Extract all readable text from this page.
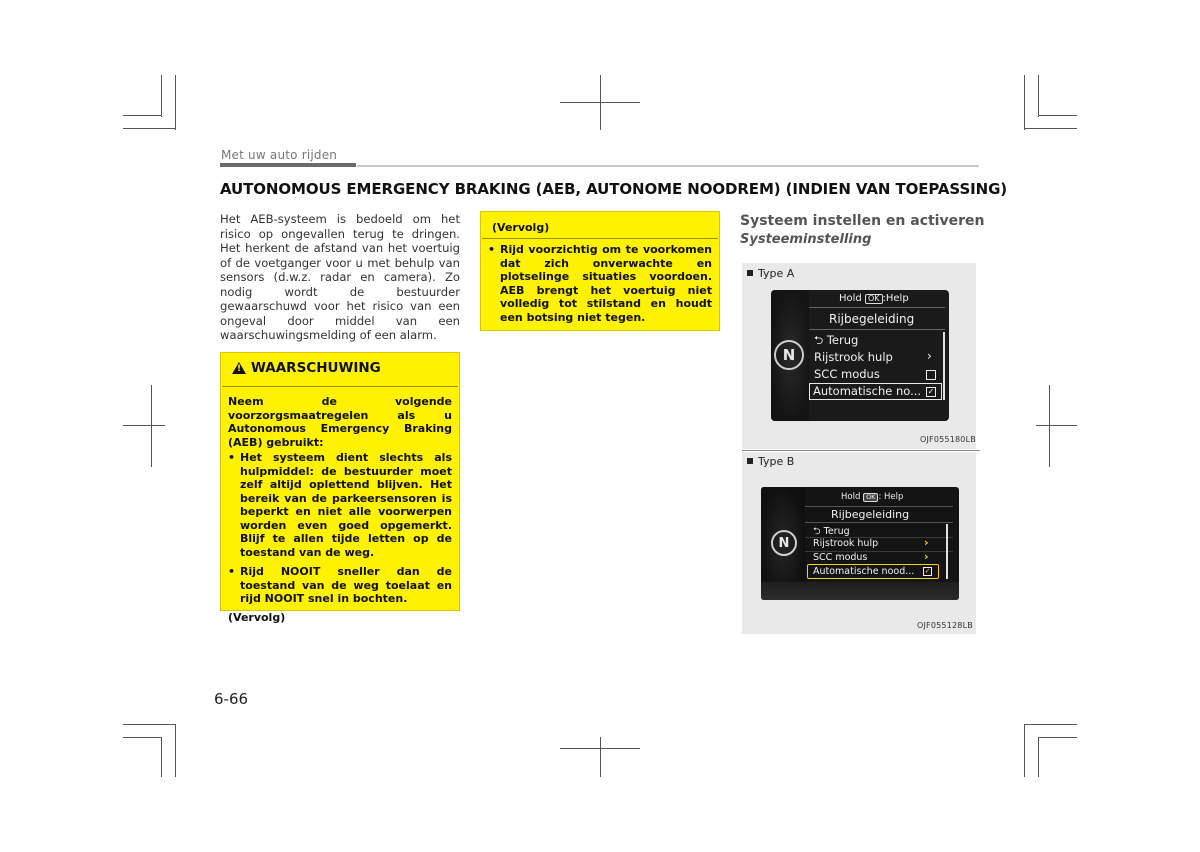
Met uw auto rijden
AUTONOMOUS EMERGENCY BRAKING (AEB, AUTONOME NOODREM) (INDIEN VAN TOEPASSING)
Het AEB-systeem is bedoeld om het risico op ongevallen terug te dringen. Het herkent de afstand van het voertuig of de voetganger voor u met behulp van sensors (d.w.z. radar en camera). Zo nodig wordt de bestuurder gewaarschuwd voor het risico van een ongeval door middel van een waarschuwingsmelding of een alarm.
! WAARSCHUWING
Neem de volgende voorzorgsmaatregelen als u Autonomous Emergency Braking (AEB) gebruikt:
• Het systeem dient slechts als hulpmiddel: de bestuurder moet zelf altijd oplettend blijven. Het bereik van de parkeersensoren is beperkt en niet alle voorwerpen worden even goed opgemerkt. Blijf te allen tijde letten op de toestand van de weg.
• Rijd NOOIT sneller dan de toestand van de weg toelaat en rijd NOOIT snel in bochten.
(Vervolg)
(Vervolg)
• Rijd voorzichtig om te voorkomen dat zich onverwachte en plotselinge situaties voordoen. AEB brengt het voertuig niet volledig tot stilstand en houdt een botsing niet tegen.
Systeem instellen en activeren
Systeeminstelling
Type A
N
Hold OK :Help
Rijbegeleiding
⮌ Terug
Rijstrook hulp	›
SCC modus
Automatische no... ✓
OJF055180LB
Type B
N
Hold OK : Help
Rijbegeleiding
⮌ Terug
Rijstrook hulp	›
SCC modus	›
Automatische nood... ✓
OJF055128LB
6-66
